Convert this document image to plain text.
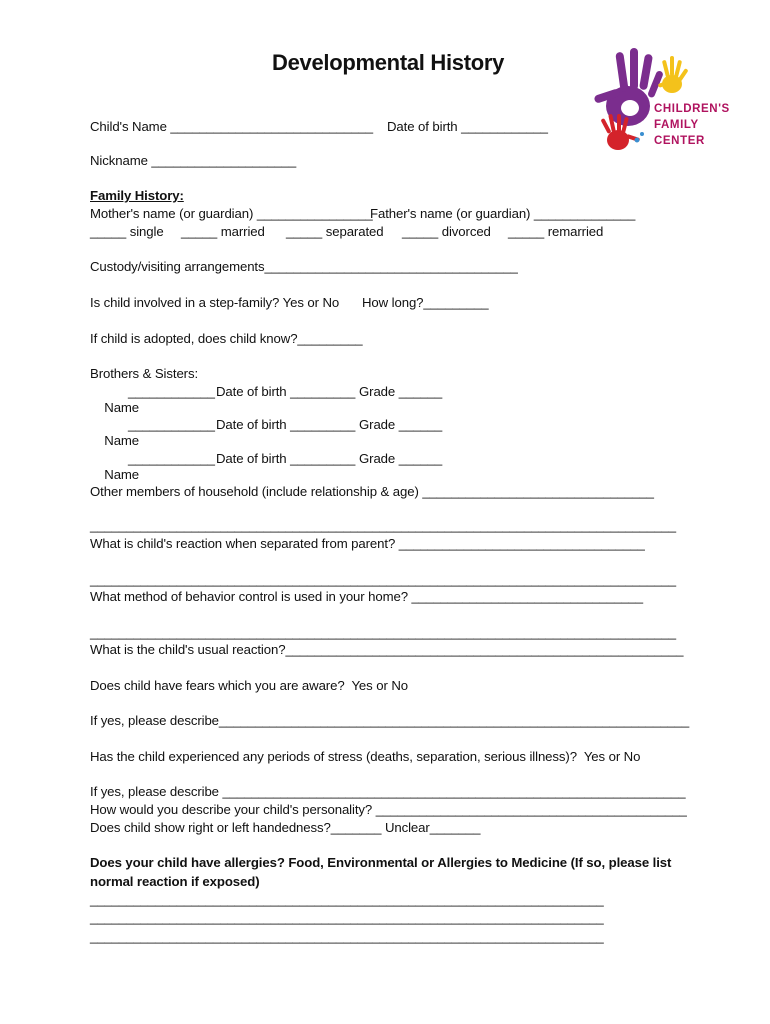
Developmental History
CHILDREN'S
FAMILY
CENTER
Child's Name ____________________________ Date of birth ____________
Nickname ____________________
Family History:
Mother's name (or guardian) ________________
Father's name (or guardian) ______________
_____ single _____ married _____ separated _____ divorced _____ remarried
Custody/visiting arrangements___________________________________
Is child involved in a step-family? Yes or No How long?_________
If child is adopted, does child know?_________
Brothers & Sisters:

Name

____________ Date of birth _________ Grade ______

Name

____________ Date of birth _________ Grade ______

Name

____________ Date of birth _________ Grade ______
Other members of household (include relationship & age) ________________________________
_________________________________________________________________________________
What is child's reaction when separated from parent? __________________________________
_________________________________________________________________________________
What method of behavior control is used in your home? ________________________________
_________________________________________________________________________________
What is the child's usual reaction?_______________________________________________________
Does child have fears which you are aware?  Yes or No
If yes, please describe_________________________________________________________________
Has the child experienced any periods of stress (deaths, separation, serious illness)?  Yes or No
If yes, please describe ________________________________________________________________
How would you describe your child's personality? ___________________________________________
Does child show right or left handedness?_______ Unclear_______
Does your child have allergies? Food, Environmental or Allergies to Medicine (If so, please list
normal reaction if exposed)
_______________________________________________________________________
_______________________________________________________________________
_______________________________________________________________________
